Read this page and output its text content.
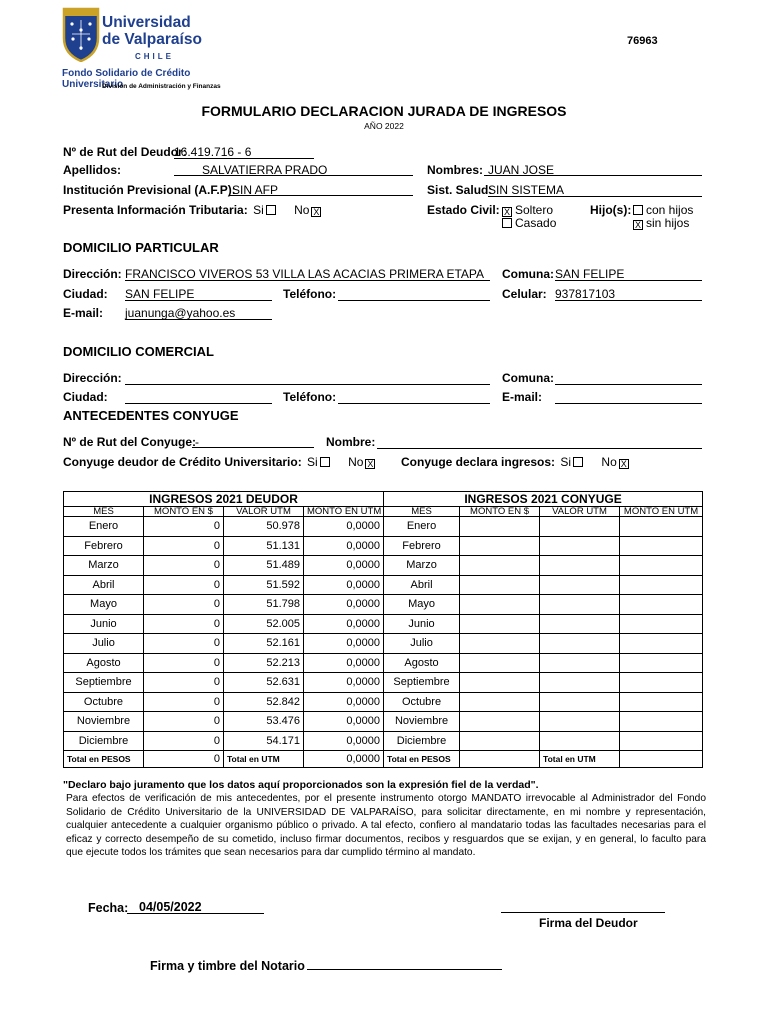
Universidad
de Valparaíso
CHILE
Fondo Solidario de Crédito Universitario
División de Administración y Finanzas
76963
FORMULARIO DECLARACION JURADA DE INGRESOS
AÑO 2022
Nº de Rut del Deudor:
16.419.716 - 6
Apellidos:	SALVATIERRA PRADO	Nombres: JUAN JOSE
Institución Previsional (A.F.P):
SIN AFP	Sist. Salud:
SIN SISTEMA
Presenta Información Tributaria: Si	No X	Estado Civil: X Soltero
Casado
Hijo(s):	con hijos
X sin hijos
DOMICILIO PARTICULAR
Dirección: FRANCISCO VIVEROS 53 VILLA LAS ACACIAS PRIMERA ETAPA	Comuna: SAN FELIPE
Ciudad: SAN FELIPE	Teléfono:	Celular: 937817103
E-mail: juanunga@yahoo.es
DOMICILIO COMERCIAL
Dirección:	Comuna:
Ciudad:	Teléfono:	E-mail:
ANTECEDENTES CONYUGE
Nº de Rut del Conyuge:
-	Nombre:
Conyuge deudor de Crédito Universitario: Si	No X	Conyuge declara ingresos: Si	No X
INGRESOS 2021 DEUDOR				INGRESOS 2021 CONYUGE			
MES	MONTO EN $	VALOR UTM	MONTO EN UTM	MES	MONTO EN $	VALOR UTM	MONTO EN UTM
Enero	0	50.978	0,0000	Enero			
Febrero	0	51.131	0,0000	Febrero			
Marzo	0	51.489	0,0000	Marzo			
Abril	0	51.592	0,0000	Abril			
Mayo	0	51.798	0,0000	Mayo			
Junio	0	52.005	0,0000	Junio			
Julio	0	52.161	0,0000	Julio			
Agosto	0	52.213	0,0000	Agosto			
Septiembre	0	52.631	0,0000	Septiembre			
Octubre	0	52.842	0,0000	Octubre			
Noviembre	0	53.476	0,0000	Noviembre			
Diciembre	0	54.171	0,0000	Diciembre			
Total en PESOS	0	Total en UTM	0,0000	Total en PESOS		Total en UTM	
"Declaro bajo juramento que los datos aquí proporcionados son la expresión fiel de la verdad".
Para efectos de verificación de mis antecedentes, por el presente instrumento otorgo MANDATO irrevocable al Administrador del Fondo Solidario de Crédito Universitario de la UNIVERSIDAD DE VALPARAÍSO, para solicitar directamente, en mi nombre y representación, cualquier antecedente a cualquier organismo público o privado. A tal efecto, confiero al mandatario todas las facultades necesarias para el eficaz y correcto desempeño de su cometido, incluso firmar documentos, recibos y resguardos que se exijan, y en general, lo faculto para que ejecute todos los trámites que sean necesarios para dar cumplido término al mandato.
Fecha: 04/05/2022
Firma del Deudor
Firma y timbre del Notario
